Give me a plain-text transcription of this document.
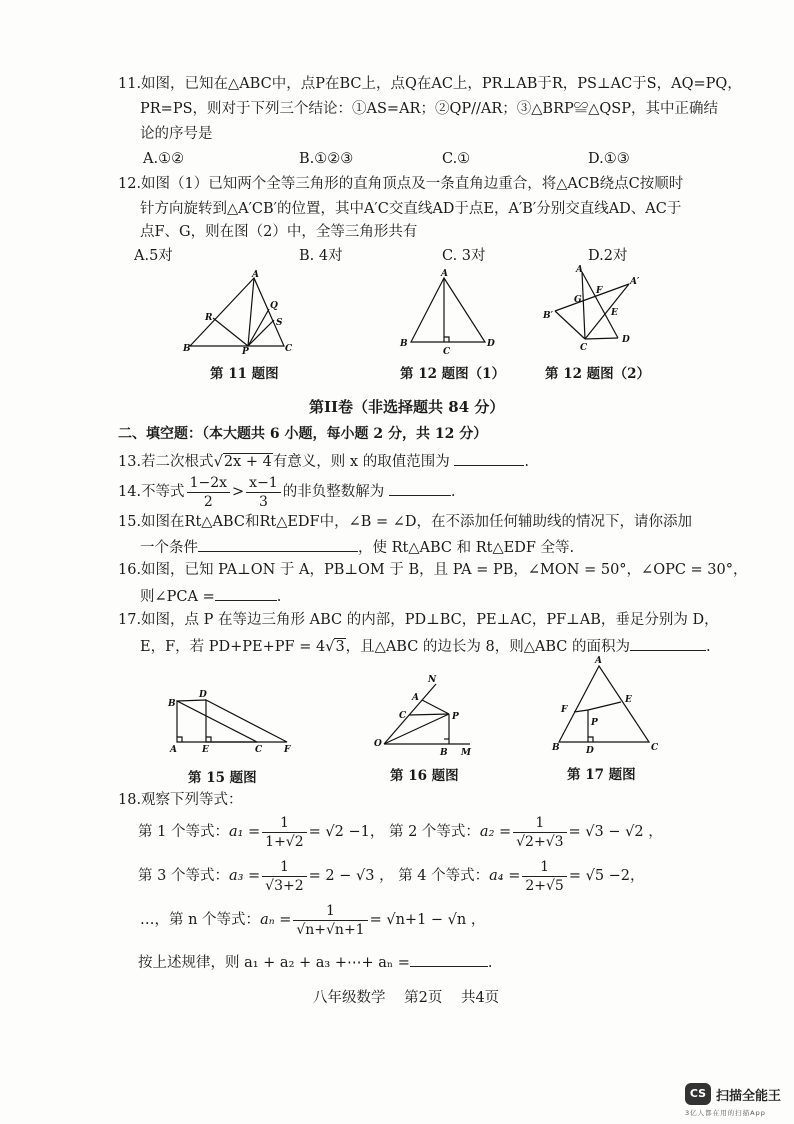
11.如图，已知在△ABC中，点P在BC上，点Q在AC上，PR⊥AB于R，PS⊥AC于S，AQ=PQ，
PR=PS，则对于下列三个结论：①AS=AR；②QP//AR；③△BRP≌△QSP，其中正确结
论的序号是
A.①②	B.①②③	C.①	D.①③
12.如图（1）已知两个全等三角形的直角顶点及一条直角边重合，将△ACB绕点C按顺时
针方向旋转到△A′CB′的位置，其中A′C交直线AD于点E，A′B′分别交直线AD、AC于
点F、G，则在图（2）中，全等三角形共有
A.5对	B. 4对	C. 3对	D.2对
A
B	C
P
R
Q
S
A
B
C
D
A
A′
B′
G
F
E
C
D
第 11 题图	第 12 题图（1）	第 12 题图（2）
第II卷（非选择题共 84 分）
二、填空题：（本大题共 6 小题，每小题 2 分，共 12 分）
13.若二次根式√2x + 4有意义，则 x 的取值范围为	.
14.不等式 $\frac{1-2x}{2} > \frac{x-1}{3}$ 的非负整数解为	.
15.如图在Rt△ABC和Rt△EDF中，∠B = ∠D，在不添加任何辅助线的情况下，请你添加
一个条件	，使 Rt△ABC 和 Rt△EDF 全等.
16.如图，已知 PA⊥ON 于 A，PB⊥OM 于 B，且 PA = PB，∠MON = 50°，∠OPC = 30°，
则∠PCA =	.
17.如图，点 P 在等边三角形 ABC 的内部，PD⊥BC，PE⊥AC，PF⊥AB，垂足分别为 D，
E，F，若 PD+PE+PF = 4√3，且△ABC 的边长为 8，则△ABC 的面积为	.
B
D
A	E	C F
N
A
C	P
O
B M
A
F
E
P
B	D	C
第 15 题图	第 16 题图	第 17 题图
18.观察下列等式：
第 1 个等式：$a_1 = \frac{1}{1+√2} = √2 -1$， 第 2 个等式：$a_2 = \frac{1}{√2+√3} = √3 - √2$ ，
第 3 个等式：$a_3 = \frac{1}{√3+2} = 2 - √3$ ， 第 4 个等式：$a_4 = \frac{1}{2+√5} = √5 -2$，
…，第 n 个等式：$a_n = \frac{1}{√n+√n+1} = √n+1 - √n$ ，
按上述规律，则 a₁ + a₂ + a₃ +⋯+ aₙ =	.
八年级数学 第2页 共4页
CS 扫描全能王
3亿人都在用的扫描App
